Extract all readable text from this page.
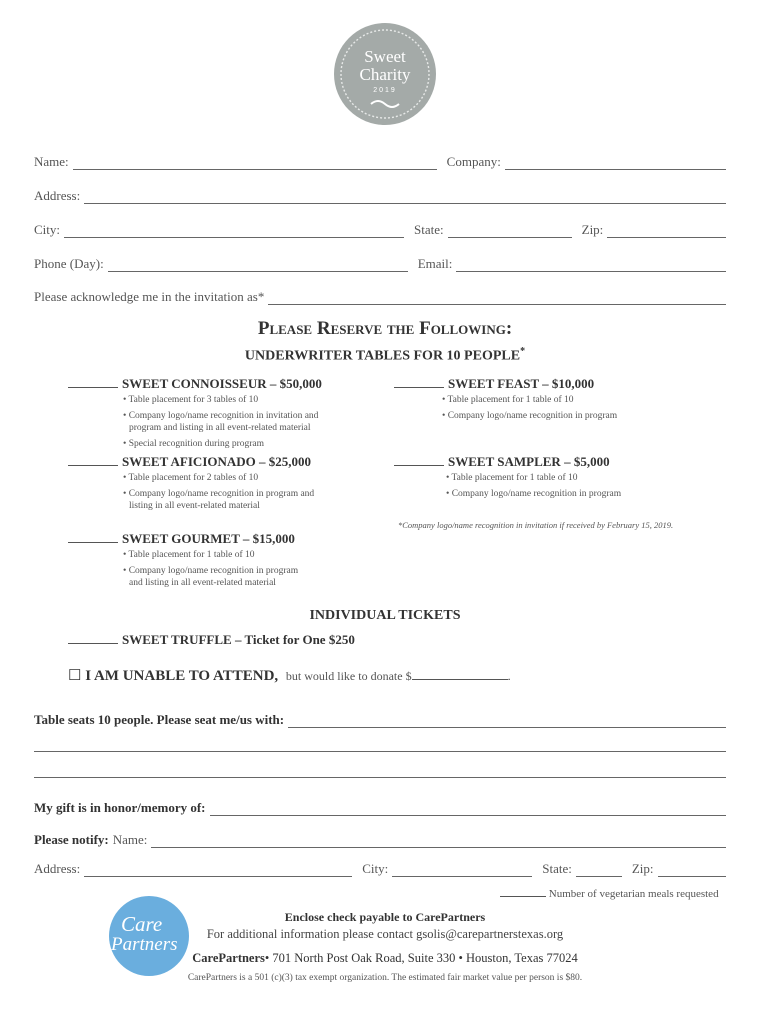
Sweet
Charity
2019
Name:	Company:
Address:
City:	State:	Zip:
Phone (Day):	Email:
Please acknowledge me in the invitation as*
Please Reserve the Following:
UNDERWRITER TABLES FOR 10 PEOPLE*
SWEET CONNOISSEUR – $50,000
• Table placement for 3 tables of 10
• Company logo/name recognition in invitation and
program and listing in all event-related material
• Special recognition during program
SWEET FEAST – $10,000
• Table placement for 1 table of 10
• Company logo/name recognition in program
SWEET AFICIONADO – $25,000
• Table placement for 2 tables of 10
• Company logo/name recognition in program and
listing in all event-related material
SWEET SAMPLER – $5,000
• Table placement for 1 table of 10
• Company logo/name recognition in program
*Company logo/name recognition in invitation if received by February 15, 2019.
SWEET GOURMET – $15,000
• Table placement for 1 table of 10
• Company logo/name recognition in program
and listing in all event-related material
INDIVIDUAL TICKETS
SWEET TRUFFLE – Ticket for One $250
☐ I AM UNABLE TO ATTEND, but would like to donate $	.
Table seats 10 people. Please seat me/us with:
My gift is in honor/memory of:
Please notify: Name:
Address:	City:	State:	Zip:
Number of vegetarian meals requested
Care
Partners
Enclose check payable to CarePartners
For additional information please contact gsolis@carepartnerstexas.org
CarePartners• 701 North Post Oak Road, Suite 330 • Houston, Texas 77024
CarePartners is a 501 (c)(3) tax exempt organization. The estimated fair market value per person is $80.
